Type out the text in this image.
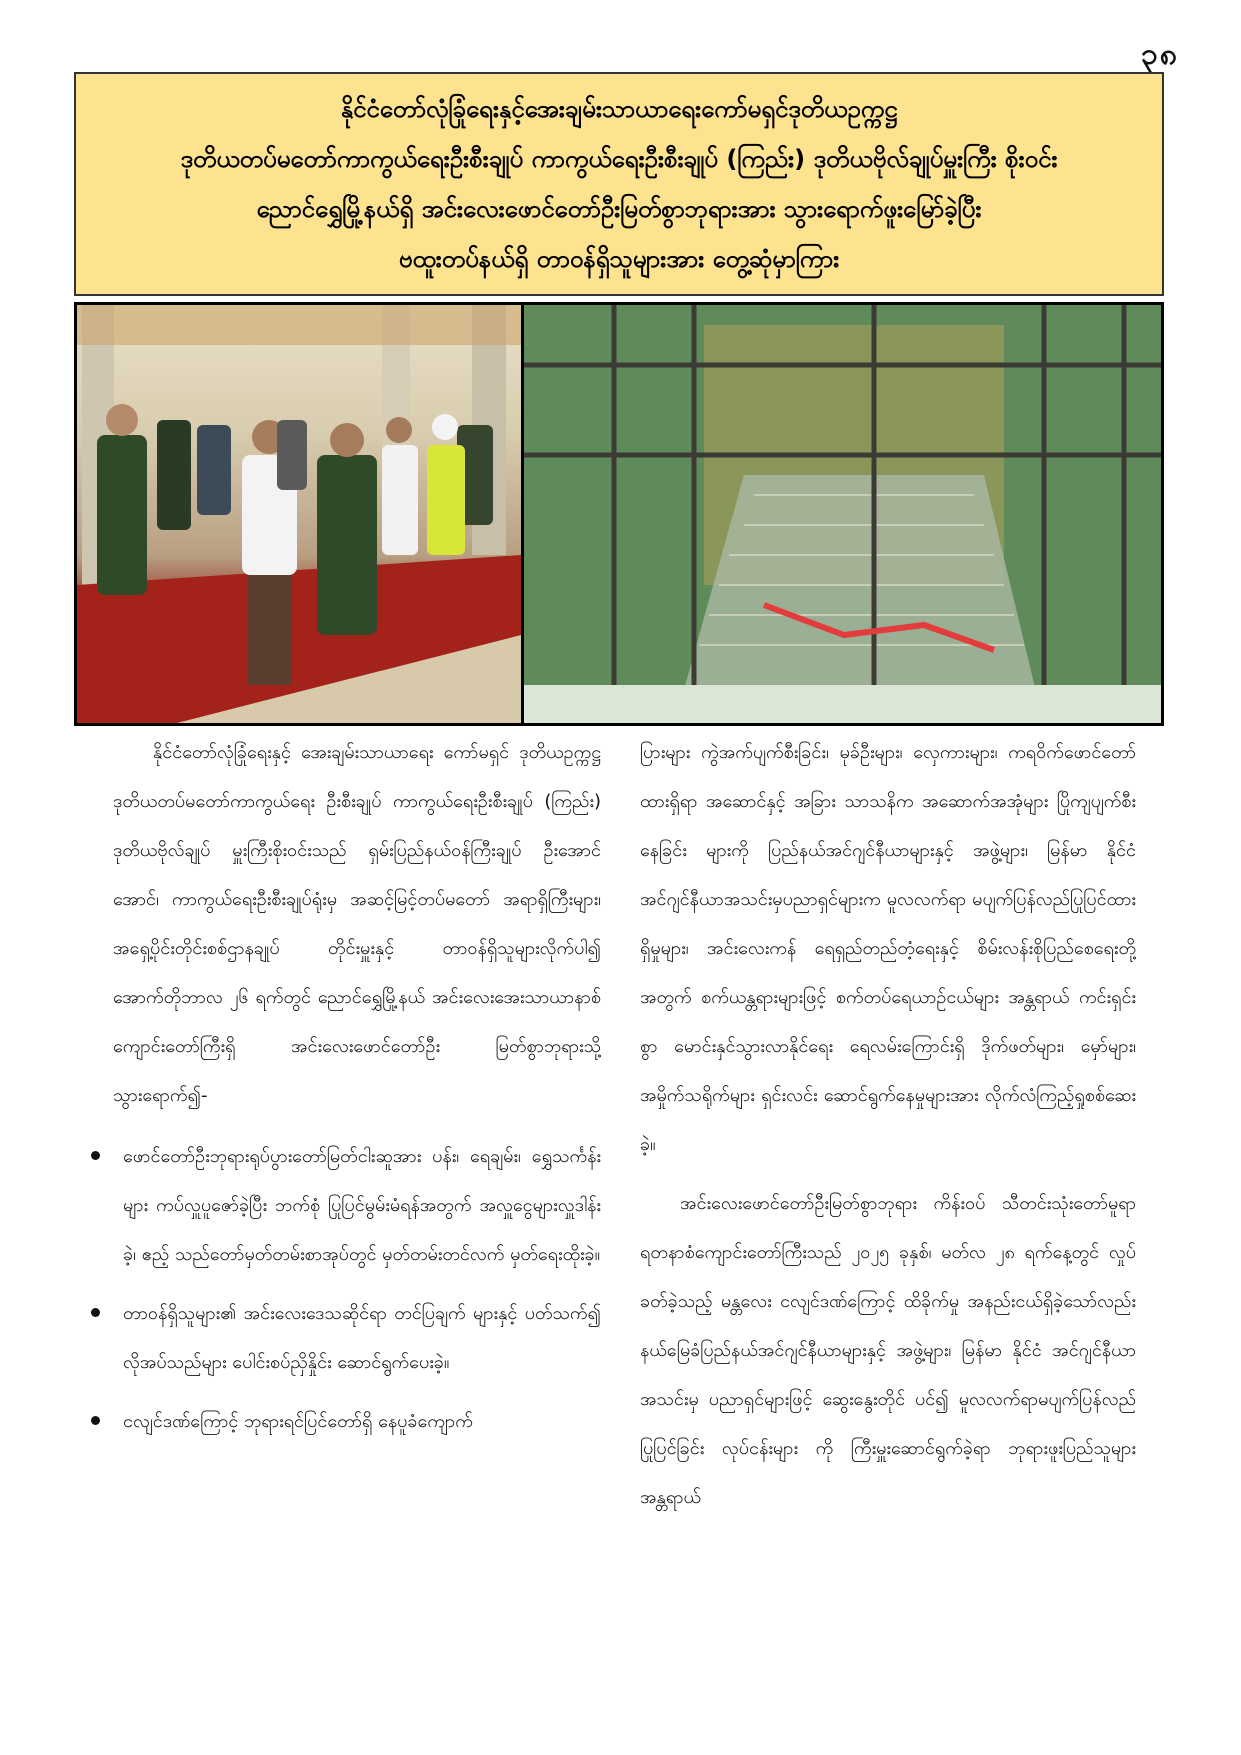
၃၈
နိုင်ငံတော်လုံခြုံရေးနှင့်အေးချမ်းသာယာရေးကော်မရှင်ဒုတိယဥက္ကဋ္ဌ
ဒုတိယတပ်မတော်ကာကွယ်ရေးဦးစီးချုပ် ကာကွယ်ရေးဦးစီးချုပ် (ကြည်း) ဒုတိယဗိုလ်ချုပ်မှူးကြီး စိုးဝင်း
ညောင်ရွှေမြို့နယ်ရှိ အင်းလေးဖောင်တော်ဦးမြတ်စွာဘုရားအား သွားရောက်ဖူးမြော်ခဲ့ပြီး
ဗထူးတပ်နယ်ရှိ တာဝန်ရှိသူများအား တွေ့ဆုံမှာကြား

နိုင်ငံတော်လုံခြုံရေးနှင့် အေးချမ်းသာယာရေး ကော်မရှင် ဒုတိယဥက္ကဋ္ဌ ဒုတိယတပ်မတော်ကာကွယ်ရေး ဦးစီးချုပ် ကာကွယ်ရေးဦးစီးချုပ် (ကြည်း) ဒုတိယဗိုလ်ချုပ် မှူးကြီးစိုးဝင်းသည် ရှမ်းပြည်နယ်ဝန်ကြီးချုပ် ဦးအောင် အောင်၊ ကာကွယ်ရေးဦးစီးချုပ်ရုံးမှ အဆင့်မြင့်တပ်မတော် အရာရှိကြီးများ၊ အရှေ့ပိုင်းတိုင်းစစ်ဌာနချုပ် တိုင်းမှူးနှင့် တာဝန်ရှိသူများလိုက်ပါ၍ အောက်တိုဘာလ ၂၆ ရက်တွင် ညောင်ရွှေမြို့နယ် အင်းလေးအေးသာယာနာစ်ကျောင်းတော်ကြီးရှိ အင်းလေးဖောင်တော်ဦး မြတ်စွာဘုရားသို့ သွားရောက်၍-

ဖောင်တော်ဦးဘုရားရုပ်ပွားတော်မြတ်ငါးဆူအား ပန်း၊ ရေချမ်း၊ ရွှေသင်္ကန်းများ ကပ်လှူပူဇော်ခဲ့ပြီး ဘက်စုံ ပြုပြင်မွမ်းမံရန်အတွက် အလှူငွေများလှူဒါန်းခဲ့၊ ဧည့် သည်တော်မှတ်တမ်းစာအုပ်တွင် မှတ်တမ်းတင်လက် မှတ်ရေးထိုးခဲ့။
တာဝန်ရှိသူများ၏ အင်းလေးဒေသဆိုင်ရာ တင်ပြချက် များနှင့် ပတ်သက်၍ လိုအပ်သည်များ ပေါင်းစပ်ညှိနှိုင်း ဆောင်ရွက်ပေးခဲ့။
ငလျင်ဒဏ်ကြောင့် ဘုရားရင်ပြင်တော်ရှိ နေပူခံကျောက်

ပြားများ ကွဲအက်ပျက်စီးခြင်း၊ မုခ်ဦးများ၊ လှေကားများ၊ ကရဝိက်ဖောင်တော်ထားရှိရာ အဆောင်နှင့် အခြား သာသနိက အဆောက်အအုံများ ပြိုကျပျက်စီးနေခြင်း များကို ပြည်နယ်အင်ဂျင်နီယာများနှင့် အဖွဲ့များ၊ မြန်မာ နိုင်ငံ အင်ဂျင်နီယာအသင်းမှပညာရှင်များက မူလလက်ရာ မပျက်ပြန်လည်ပြုပြင်ထားရှိမှုများ၊ အင်းလေးကန် ရေရှည်တည်တံ့ရေးနှင့် စိမ်းလန်းစိုပြည်စေရေးတို့အတွက် စက်ယန္တရားများဖြင့် စက်တပ်ရေယာဉ်ငယ်များ အန္တရာယ် ကင်းရှင်းစွာ မောင်းနှင်သွားလာနိုင်ရေး ရေလမ်းကြောင်းရှိ ဒိုက်ဖတ်များ၊ မှော်များ၊ အမှိုက်သရိုက်များ ရှင်းလင်း ဆောင်ရွက်နေမှုများအား လိုက်လံကြည့်ရှုစစ်ဆေးခဲ့။

အင်းလေးဖောင်တော်ဦးမြတ်စွာဘုရား ကိန်းဝပ် သီတင်းသုံးတော်မူရာ ရတနာစံကျောင်းတော်ကြီးသည် ၂၀၂၅ ခုနှစ်၊ မတ်လ ၂၈ ရက်နေ့တွင် လှုပ်ခတ်ခဲ့သည့် မန္တလေး ငလျင်ဒဏ်ကြောင့် ထိခိုက်မှု အနည်းငယ်ရှိခဲ့သော်လည်း နယ်မြေခံပြည်နယ်အင်ဂျင်နီယာများနှင့် အဖွဲ့များ၊ မြန်မာ နိုင်ငံ အင်ဂျင်နီယာအသင်းမှ ပညာရှင်များဖြင့် ဆွေးနွေးတိုင် ပင်၍ မူလလက်ရာမပျက်ပြန်လည်ပြုပြင်ခြင်း လုပ်ငန်းများ ကို ကြီးမှူးဆောင်ရွက်ခဲ့ရာ ဘုရားဖူးပြည်သူများ အန္တရာယ်
